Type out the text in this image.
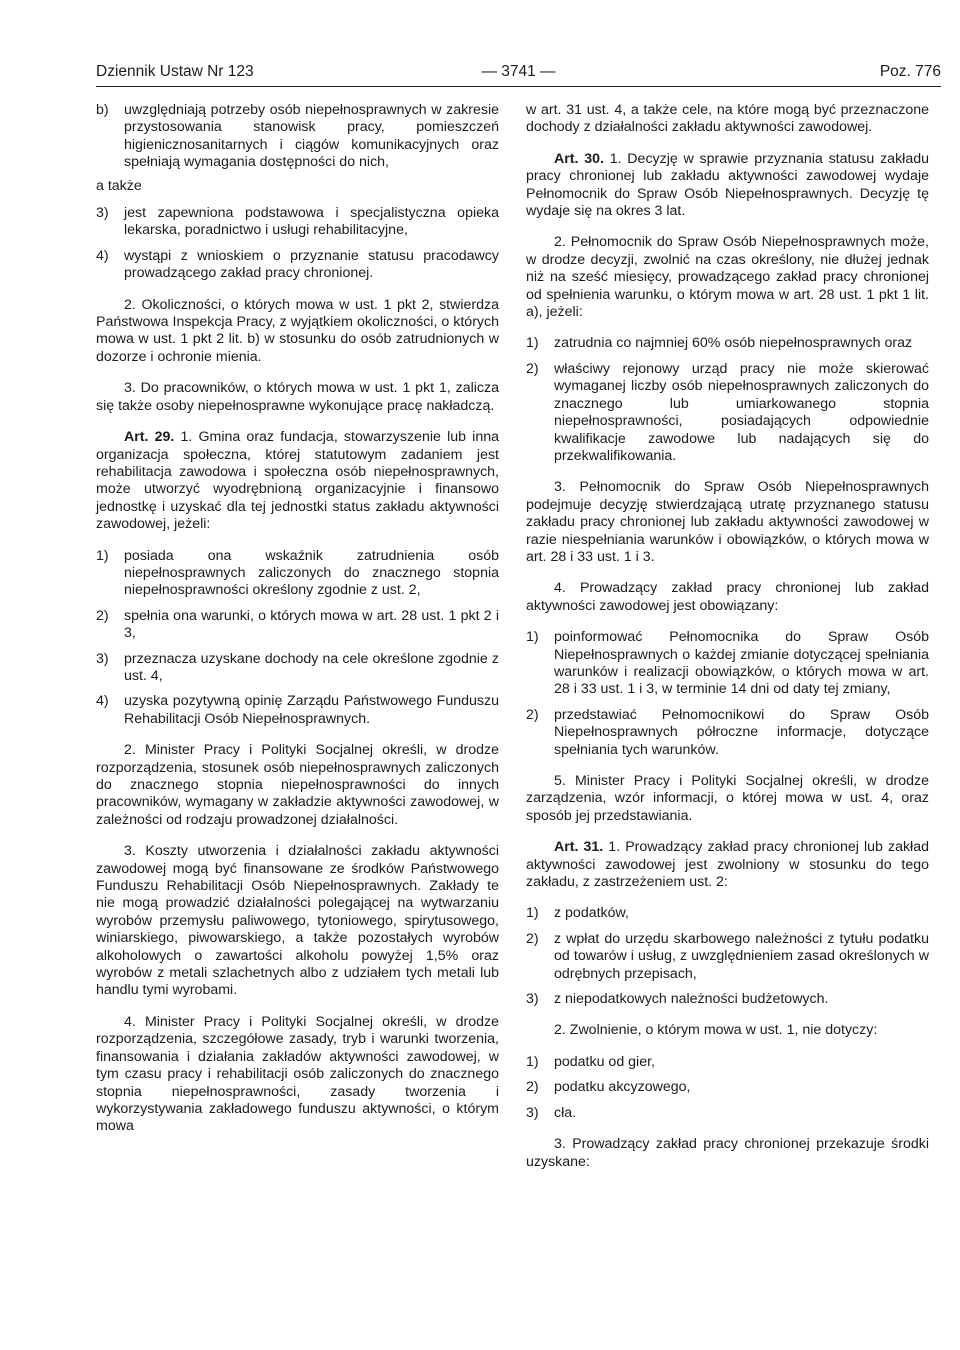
Dziennik Ustaw Nr 123	— 3741 —	Poz. 776
b) uwzględniają potrzeby osób niepełnosprawnych w zakresie przystosowania stanowisk pracy, pomieszczeń higienicznosanitarnych i ciągów komunikacyjnych oraz spełniają wymagania dostępności do nich,
a także
3) jest zapewniona podstawowa i specjalistyczna opieka lekarska, poradnictwo i usługi rehabilitacyjne,
4) wystąpi z wnioskiem o przyznanie statusu pracodawcy prowadzącego zakład pracy chronionej.

2. Okoliczności, o których mowa w ust. 1 pkt 2, stwierdza Państwowa Inspekcja Pracy, z wyjątkiem okoliczności, o których mowa w ust. 1 pkt 2 lit. b) w stosunku do osób zatrudnionych w dozorze i ochronie mienia.

3. Do pracowników, o których mowa w ust. 1 pkt 1, zalicza się także osoby niepełnosprawne wykonujące pracę nakładczą.

Art. 29. 1. Gmina oraz fundacja, stowarzyszenie lub inna organizacja społeczna, której statutowym zadaniem jest rehabilitacja zawodowa i społeczna osób niepełnosprawnych, może utworzyć wyodrębnioną organizacyjnie i finansowo jednostkę i uzyskać dla tej jednostki status zakładu aktywności zawodowej, jeżeli:

1) posiada ona wskaźnik zatrudnienia osób niepełnosprawnych zaliczonych do znacznego stopnia niepełnosprawności określony zgodnie z ust. 2,
2) spełnia ona warunki, o których mowa w art. 28 ust. 1 pkt 2 i 3,
3) przeznacza uzyskane dochody na cele określone zgodnie z ust. 4,
4) uzyska pozytywną opinię Zarządu Państwowego Funduszu Rehabilitacji Osób Niepełnosprawnych.

2. Minister Pracy i Polityki Socjalnej określi, w drodze rozporządzenia, stosunek osób niepełnosprawnych zaliczonych do znacznego stopnia niepełnosprawności do innych pracowników, wymagany w zakładzie aktywności zawodowej, w zależności od rodzaju prowadzonej działalności.

3. Koszty utworzenia i działalności zakładu aktywności zawodowej mogą być finansowane ze środków Państwowego Funduszu Rehabilitacji Osób Niepełnosprawnych. Zakłady te nie mogą prowadzić działalności polegającej na wytwarzaniu wyrobów przemysłu paliwowego, tytoniowego, spirytusowego, winiarskiego, piwowarskiego, a także pozostałych wyrobów alkoholowych o zawartości alkoholu powyżej 1,5% oraz wyrobów z metali szlachetnych albo z udziałem tych metali lub handlu tymi wyrobami.

4. Minister Pracy i Polityki Socjalnej określi, w drodze rozporządzenia, szczegółowe zasady, tryb i warunki tworzenia, finansowania i działania zakładów aktywności zawodowej, w tym czasu pracy i rehabilitacji osób zaliczonych do znacznego stopnia niepełnosprawności, zasady tworzenia i wykorzystywania zakładowego funduszu aktywności, o którym mowa

w art. 31 ust. 4, a także cele, na które mogą być przeznaczone dochody z działalności zakładu aktywności zawodowej.

Art. 30. 1. Decyzję w sprawie przyznania statusu zakładu pracy chronionej lub zakładu aktywności zawodowej wydaje Pełnomocnik do Spraw Osób Niepełnosprawnych. Decyzję tę wydaje się na okres 3 lat.

2. Pełnomocnik do Spraw Osób Niepełnosprawnych może, w drodze decyzji, zwolnić na czas określony, nie dłużej jednak niż na sześć miesięcy, prowadzącego zakład pracy chronionej od spełnienia warunku, o którym mowa w art. 28 ust. 1 pkt 1 lit. a), jeżeli:

1) zatrudnia co najmniej 60% osób niepełnosprawnych oraz
2) właściwy rejonowy urząd pracy nie może skierować wymaganej liczby osób niepełnosprawnych zaliczonych do znacznego lub umiarkowanego stopnia niepełnosprawności, posiadających odpowiednie kwalifikacje zawodowe lub nadających się do przekwalifikowania.

3. Pełnomocnik do Spraw Osób Niepełnosprawnych podejmuje decyzję stwierdzającą utratę przyznanego statusu zakładu pracy chronionej lub zakładu aktywności zawodowej w razie niespełniania warunków i obowiązków, o których mowa w art. 28 i 33 ust. 1 i 3.

4. Prowadzący zakład pracy chronionej lub zakład aktywności zawodowej jest obowiązany:

1) poinformować Pełnomocnika do Spraw Osób Niepełnosprawnych o każdej zmianie dotyczącej spełniania warunków i realizacji obowiązków, o których mowa w art. 28 i 33 ust. 1 i 3, w terminie 14 dni od daty tej zmiany,
2) przedstawiać Pełnomocnikowi do Spraw Osób Niepełnosprawnych półroczne informacje, dotyczące spełniania tych warunków.

5. Minister Pracy i Polityki Socjalnej określi, w drodze zarządzenia, wzór informacji, o której mowa w ust. 4, oraz sposób jej przedstawiania.

Art. 31. 1. Prowadzący zakład pracy chronionej lub zakład aktywności zawodowej jest zwolniony w stosunku do tego zakładu, z zastrzeżeniem ust. 2:

1) z podatków,
2) z wpłat do urzędu skarbowego należności z tytułu podatku od towarów i usług, z uwzględnieniem zasad określonych w odrębnych przepisach,
3) z niepodatkowych należności budżetowych.

2. Zwolnienie, o którym mowa w ust. 1, nie dotyczy:

1) podatku od gier,
2) podatku akcyzowego,
3) cła.

3. Prowadzący zakład pracy chronionej przekazuje środki uzyskane:
